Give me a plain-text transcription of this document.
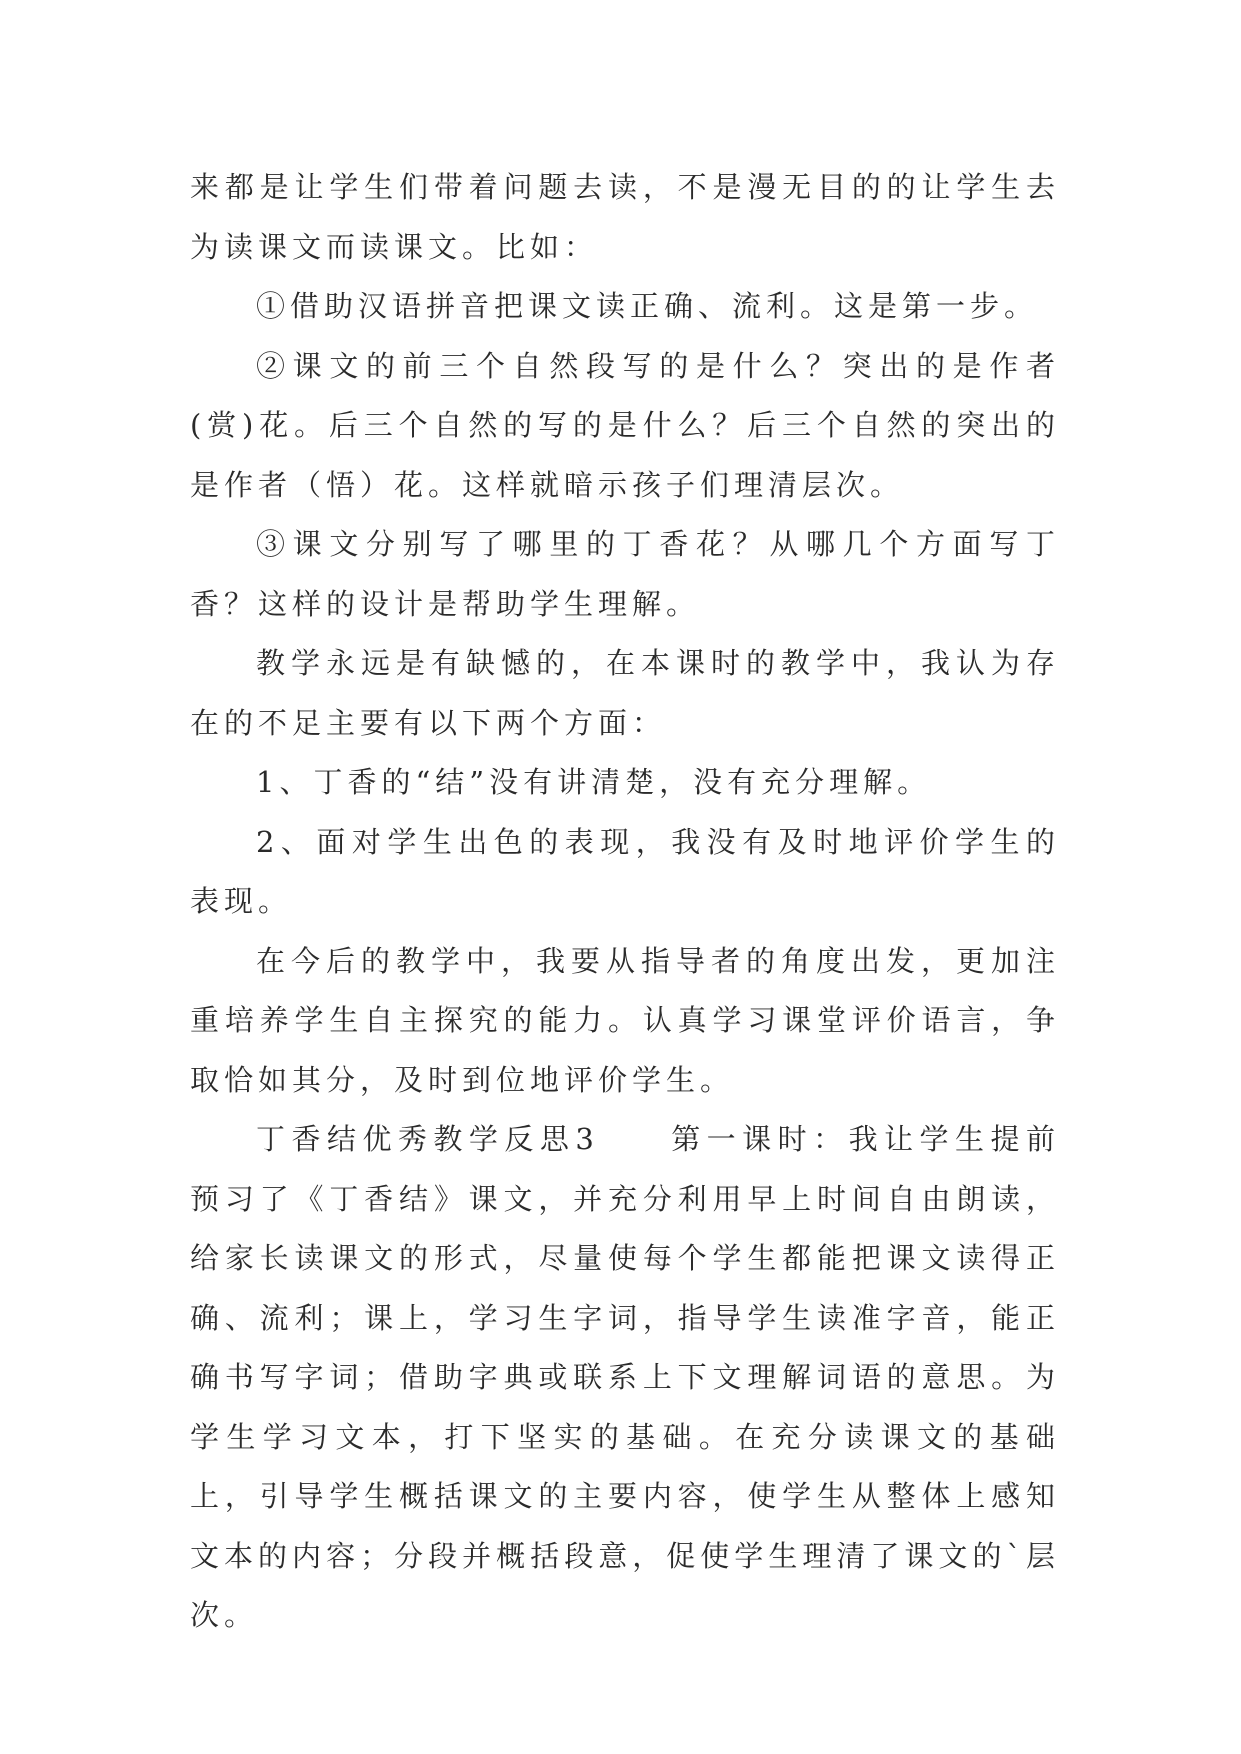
来都是让学生们带着问题去读，不是漫无目的的让学生去为读课文而读课文。比如：

①借助汉语拼音把课文读正确、流利。这是第一步。

②课文的前三个自然段写的是什么？突出的是作者(赏)花。后三个自然的写的是什么？后三个自然的突出的是作者（悟）花。这样就暗示孩子们理清层次。

③课文分别写了哪里的丁香花？从哪几个方面写丁香？这样的设计是帮助学生理解。

教学永远是有缺憾的，在本课时的教学中，我认为存在的不足主要有以下两个方面：

1、丁香的“结”没有讲清楚，没有充分理解。

2、面对学生出色的表现，我没有及时地评价学生的表现。

在今后的教学中，我要从指导者的角度出发，更加注重培养学生自主探究的能力。认真学习课堂评价语言，争取恰如其分，及时到位地评价学生。

丁香结优秀教学反思3　　第一课时：我让学生提前预习了《丁香结》课文，并充分利用早上时间自由朗读，给家长读课文的形式，尽量使每个学生都能把课文读得正确、流利；课上，学习生字词，指导学生读准字音，能正确书写字词；借助字典或联系上下文理解词语的意思。为学生学习文本，打下坚实的基础。在充分读课文的基础上，引导学生概括课文的主要内容，使学生从整体上感知文本的内容；分段并概括段意，促使学生理清了课文的`层次。
